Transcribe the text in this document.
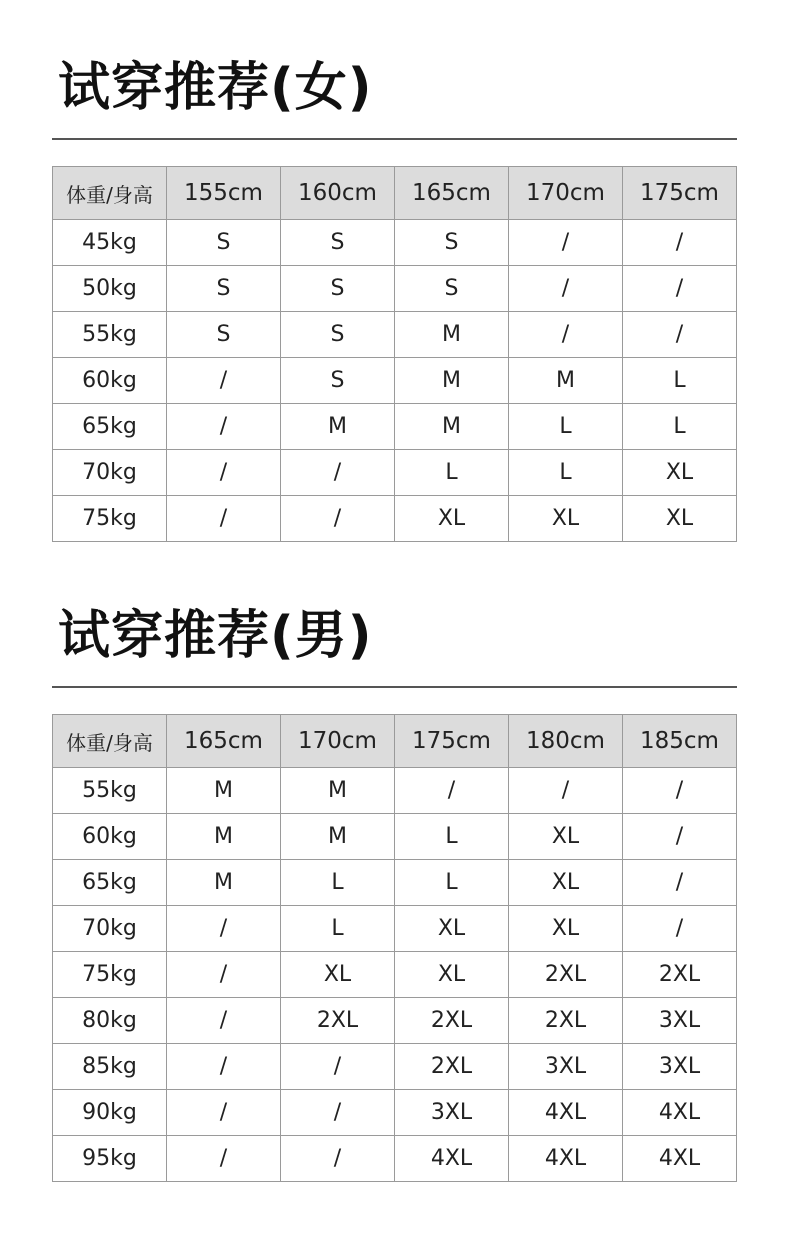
试穿推荐(女)
体重/身高	155cm	160cm	165cm	170cm	175cm
45kg	S	S	S	/	/
50kg	S	S	S	/	/
55kg	S	S	M	/	/
60kg	/	S	M	M	L
65kg	/	M	M	L	L
70kg	/	/	L	L	XL
75kg	/	/	XL	XL	XL
试穿推荐(男)
体重/身高	165cm	170cm	175cm	180cm	185cm
55kg	M	M	/	/	/
60kg	M	M	L	XL	/
65kg	M	L	L	XL	/
70kg	/	L	XL	XL	/
75kg	/	XL	XL	2XL	2XL
80kg	/	2XL	2XL	2XL	3XL
85kg	/	/	2XL	3XL	3XL
90kg	/	/	3XL	4XL	4XL
95kg	/	/	4XL	4XL	4XL
